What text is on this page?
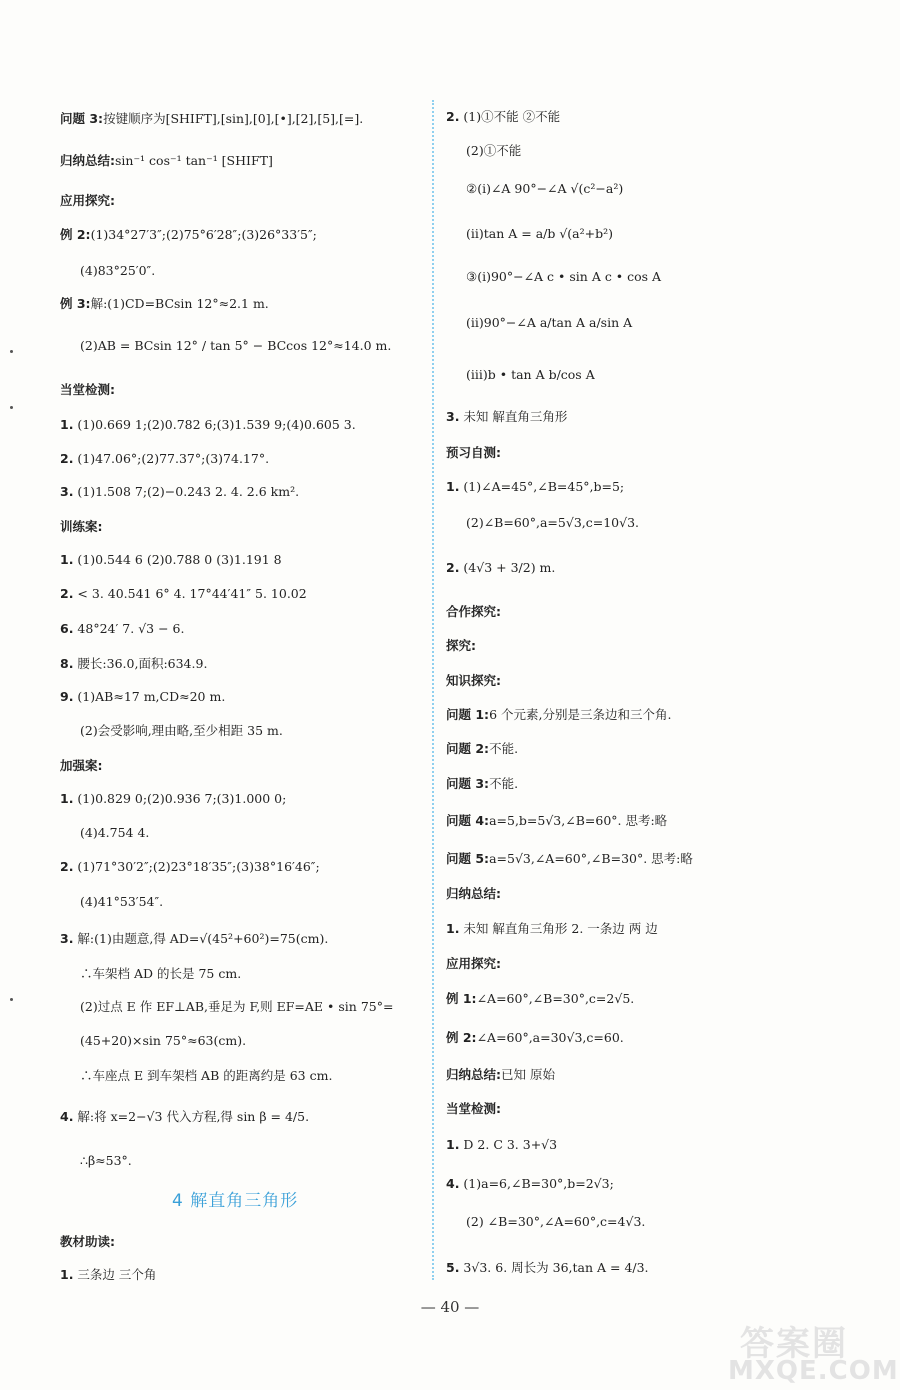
问题 3:按键顺序为[SHIFT],[sin],[0],[•],[2],[5],[=].
归纳总结:sin⁻¹ cos⁻¹ tan⁻¹ [SHIFT]
应用探究:
例 2:(1)34°27′3″;(2)75°6′28″;(3)26°33′5″;
(4)83°25′0″.
例 3:解:(1)CD=BCsin 12°≈2.1 m.
(2)AB = BCsin 12° / tan 5° − BCcos 12°≈14.0 m.
当堂检测:
1. (1)0.669 1;(2)0.782 6;(3)1.539 9;(4)0.605 3.
2. (1)47.06°;(2)77.37°;(3)74.17°.
3. (1)1.508 7;(2)−0.243 2. 4. 2.6 km².
训练案:
1. (1)0.544 6 (2)0.788 0 (3)1.191 8
2. < 3. 40.541 6° 4. 17°44′41″ 5. 10.02
6. 48°24′ 7. √3 − 6.
8. 腰长:36.0,面积:634.9.
9. (1)AB≈17 m,CD≈20 m.
(2)会受影响,理由略,至少相距 35 m.
加强案:
1. (1)0.829 0;(2)0.936 7;(3)1.000 0;
(4)4.754 4.
2. (1)71°30′2″;(2)23°18′35″;(3)38°16′46″;
(4)41°53′54″.
3. 解:(1)由题意,得 AD=√(45²+60²)=75(cm).
∴车架档 AD 的长是 75 cm.
(2)过点 E 作 EF⊥AB,垂足为 F,则 EF=AE • sin 75°=
(45+20)×sin 75°≈63(cm).
∴车座点 E 到车架档 AB 的距离约是 63 cm.
4. 解:将 x=2−√3 代入方程,得 sin β = 4/5.
∴β≈53°.
教材助读:
1. 三条边 三个角
4 解直角三角形
2. (1)①不能 ②不能
(2)①不能
②(i)∠A 90°−∠A √(c²−a²)
(ii)tan A = a/b √(a²+b²)
③(i)90°−∠A c • sin A c • cos A
(ii)90°−∠A a/tan A a/sin A
(iii)b • tan A b/cos A
3. 未知 解直角三角形
预习自测:
1. (1)∠A=45°,∠B=45°,b=5;
(2)∠B=60°,a=5√3,c=10√3.
2. (4√3 + 3/2) m.
合作探究:
探究:
知识探究:
问题 1:6 个元素,分别是三条边和三个角.
问题 2:不能.
问题 3:不能.
问题 4:a=5,b=5√3,∠B=60°. 思考:略
问题 5:a=5√3,∠A=60°,∠B=30°. 思考:略
归纳总结:
1. 未知 解直角三角形 2. 一条边 两 边
应用探究:
例 1:∠A=60°,∠B=30°,c=2√5.
例 2:∠A=60°,a=30√3,c=60.
归纳总结:已知 原始
当堂检测:
1. D 2. C 3. 3+√3
4. (1)a=6,∠B=30°,b=2√3;
(2) ∠B=30°,∠A=60°,c=4√3.
5. 3√3. 6. 周长为 36,tan A = 4/3.
— 40 —
答案圈
MXQE.COM
